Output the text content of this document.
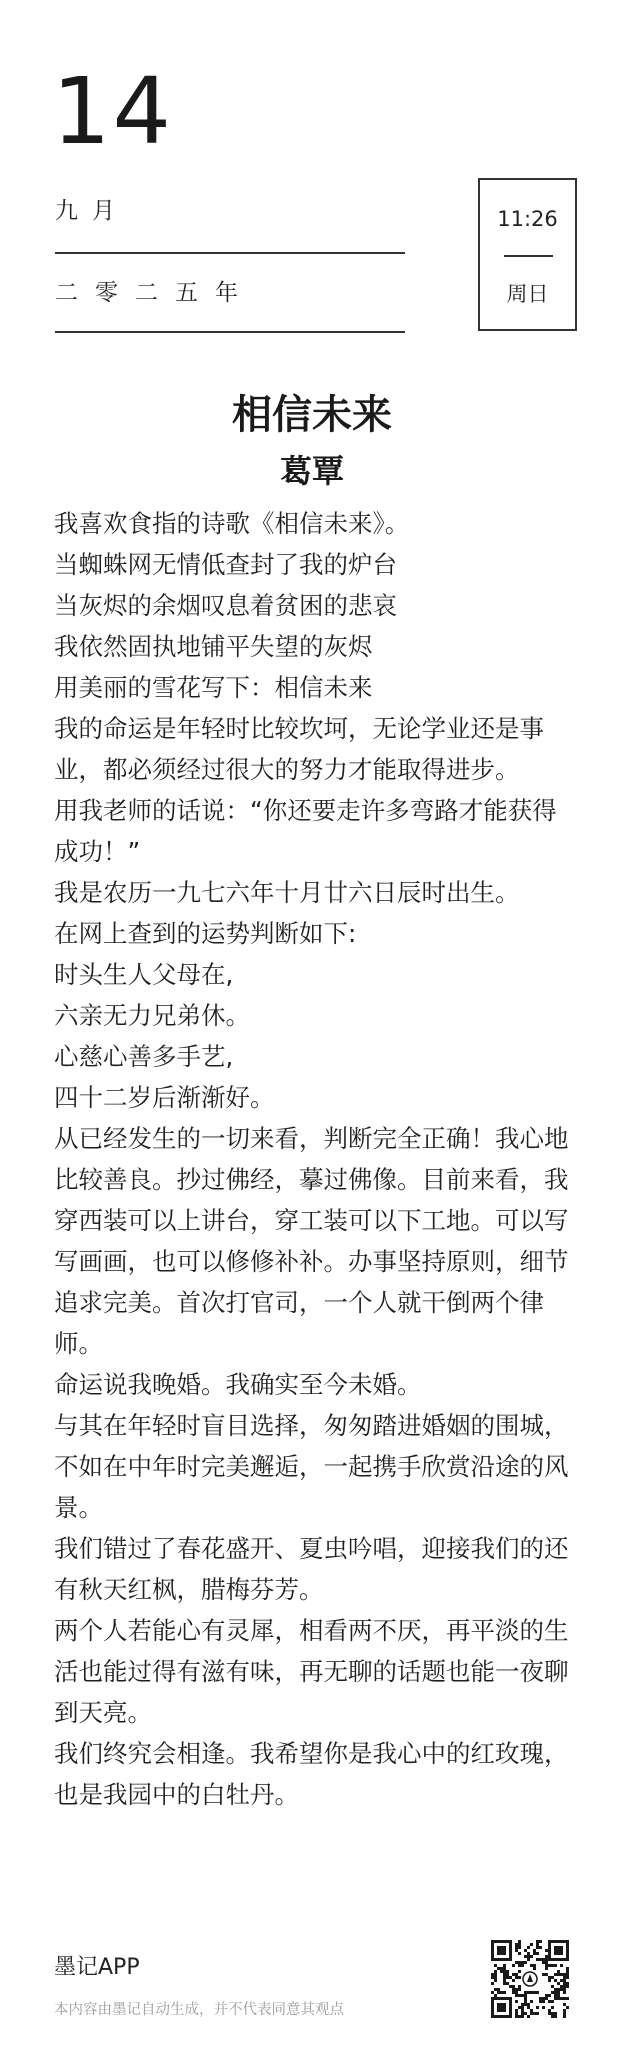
14
九月
二零二五年
11:26
周日
相信未来
葛覃

我喜欢食指的诗歌《相信未来》。

当蜘蛛网无情低查封了我的炉台

当灰烬的余烟叹息着贫困的悲哀

我依然固执地铺平失望的灰烬

用美丽的雪花写下：相信未来

我的命运是年轻时比较坎坷，无论学业还是事业，都必须经过很大的努力才能取得进步。

用我老师的话说：“你还要走许多弯路才能获得成功！”

我是农历一九七六年十月廿六日辰时出生。

在网上查到的运势判断如下:

时头生人父母在,

六亲无力兄弟休。

心慈心善多手艺,

四十二岁后渐渐好。

从已经发生的一切来看，判断完全正确！我心地比较善良。抄过佛经，摹过佛像。目前来看，我穿西装可以上讲台，穿工装可以下工地。可以写写画画，也可以修修补补。办事坚持原则，细节追求完美。首次打官司，一个人就干倒两个律师。

命运说我晚婚。我确实至今未婚。

与其在年轻时盲目选择，匆匆踏进婚姻的围城，不如在中年时完美邂逅，一起携手欣赏沿途的风景。

我们错过了春花盛开、夏虫吟唱，迎接我们的还有秋天红枫，腊梅芬芳。

两个人若能心有灵犀，相看两不厌，再平淡的生活也能过得有滋有味，再无聊的话题也能一夜聊到天亮。

我们终究会相逢。我希望你是我心中的红玫瑰，也是我园中的白牡丹。

墨记APP
本内容由墨记自动生成，并不代表同意其观点
